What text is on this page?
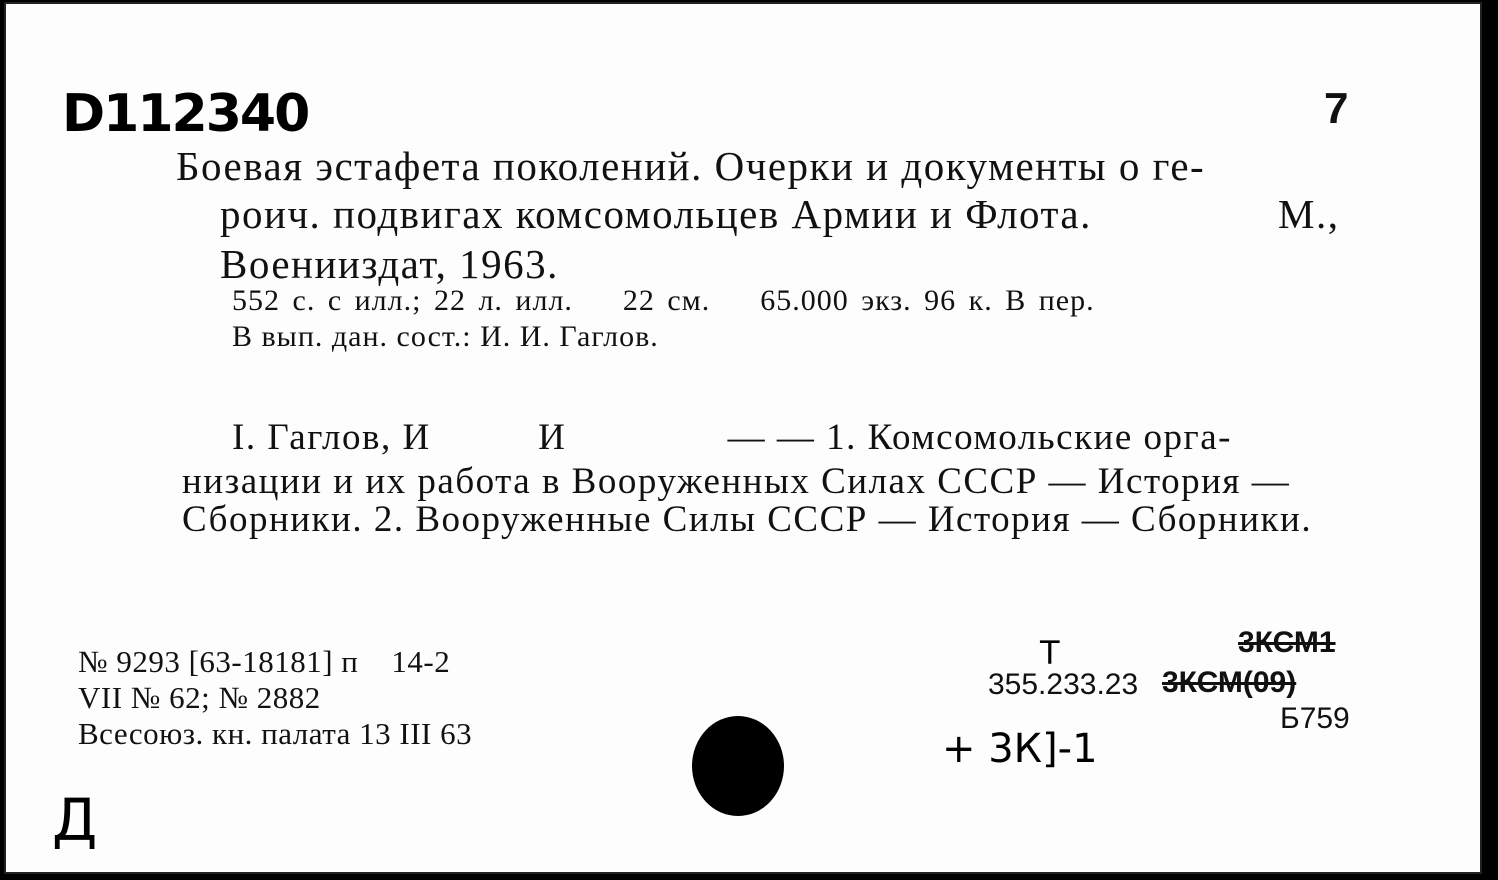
D112340	7
Боевая эстафета поколений. Очерки и документы о ге-
роич. подвигах комсомольцев Армии и Флота.	М.,
Военииздат, 1963.
552 с. с илл.; 22 л. илл.    22 см.    65.000 экз. 96 к. В пер.
В вып. дан. сост.: И. И. Гаглов.
I. Гаглов, И          И               — — 1. Комсомольские орга-
низации и их работа в Вооруженных Силах СССР — История —
Сборники. 2. Вооруженные Силы СССР — История — Сборники.
№ 9293 [63-18181] п    14-2
VII № 62; № 2882
Всесоюз. кн. палата 13 III 63
Д
Т	3КСМ1
355.233.23 3КСМ(09)
Б759
+ 3К]-1
